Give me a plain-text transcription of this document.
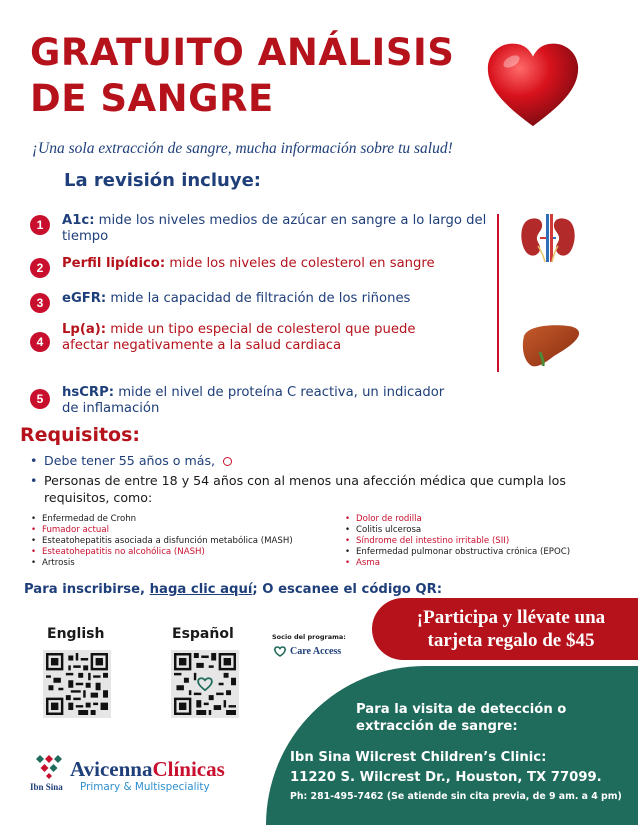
GRATUITO ANÁLISIS
DE SANGRE
¡Una sola extracción de sangre, mucha información sobre tu salud!
La revisión incluye:
1	A1c: mide los niveles medios de azúcar en sangre a lo largo del tiempo
2	Perfil lipídico: mide los niveles de colesterol en sangre
3	eGFR: mide la capacidad de filtración de los riñones
4
Lp(a): mide un tipo especial de colesterol que puede afectar negativamente a la salud cardiaca
5	hsCRP: mide el nivel de proteína C reactiva, un indicador de inflamación
Requisitos:
• Debe tener 55 años o más,
• Personas de entre 18 y 54 años con al menos una afección médica que cumpla los requisitos, como:
• Enfermedad de Crohn
• Fumador actual
• Esteatohepatitis asociada a disfunción metabólica (MASH)
• Esteatohepatitis no alcohólica (NASH)
• Artrosis
• Dolor de rodilla
• Colitis ulcerosa
• Síndrome del intestino irritable (SII)
• Enfermedad pulmonar obstructiva crónica (EPOC)
• Asma
Para inscribirse, haga clic aquí; O escanee el código QR:
¡Participa y llévate una
tarjeta regalo de $45
English	Español	Socio del programa:
Care Access
Para la visita de detección o extracción de sangre:
Ibn Sina Wilcrest Children’s Clinic:
11220 S. Wilcrest Dr., Houston, TX 77099.
Ph: 281-495-7462 (Se atiende sin cita previa, de 9 am. a 4 pm)
AvicennaClínicas
Primary & Multispeciality
Ibn Sina
